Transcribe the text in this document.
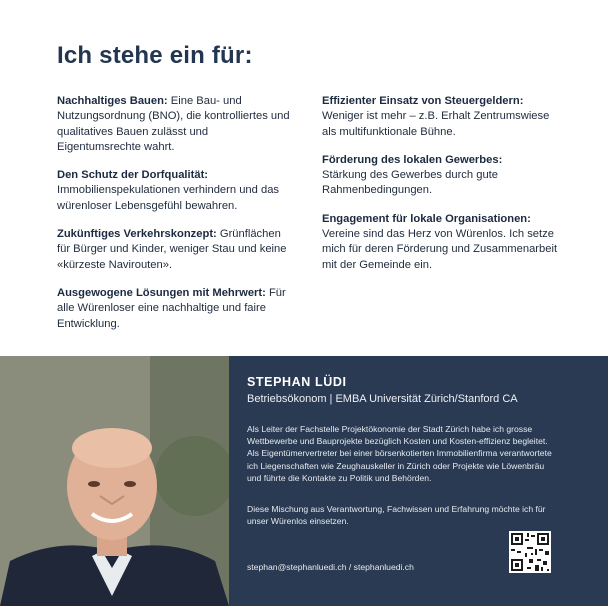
Ich stehe ein für:
Nachhaltiges Bauen: Eine Bau- und Nutzungsordnung (BNO), die kontrolliertes und qualitatives Bauen zulässt und Eigentumsrechte wahrt.
Den Schutz der Dorfqualität: Immobilienspekulationen verhindern und das würenloser Lebensgefühl bewahren.
Zukünftiges Verkehrskonzept: Grünflächen für Bürger und Kinder, weniger Stau und keine «kürzeste Navirouten».
Ausgewogene Lösungen mit Mehrwert: Für alle Würenloser eine nachhaltige und faire Entwicklung.
Effizienter Einsatz von Steuergeldern:
Weniger ist mehr – z.B. Erhalt Zentrumswiese als multifunktionale Bühne.
Förderung des lokalen Gewerbes:
Stärkung des Gewerbes durch gute Rahmenbedingungen.
Engagement für lokale Organisationen: Vereine sind das Herz von Würenlos. Ich setze mich für deren Förderung und Zusammenarbeit mit der Gemeinde ein.
STEPHAN LÜDI
Betriebsökonom | EMBA Universität Zürich/Stanford CA
Als Leiter der Fachstelle Projektökonomie der Stadt Zürich habe ich grosse Wettbewerbe und Bauprojekte bezüglich Kosten und Kosten-effizienz begleitet. Als Eigentümervertreter bei einer börsenkotierten Immobilienfirma verantwortete ich Liegenschaften wie Zeughauskeller in Zürich oder Projekte wie Löwenbräu und führte die Kontakte zu Politik und Behörden.
Diese Mischung aus Verantwortung, Fachwissen und Erfahrung möchte ich für unser Würenlos einsetzen.
stephan@stephanluedi.ch / stephanluedi.ch
